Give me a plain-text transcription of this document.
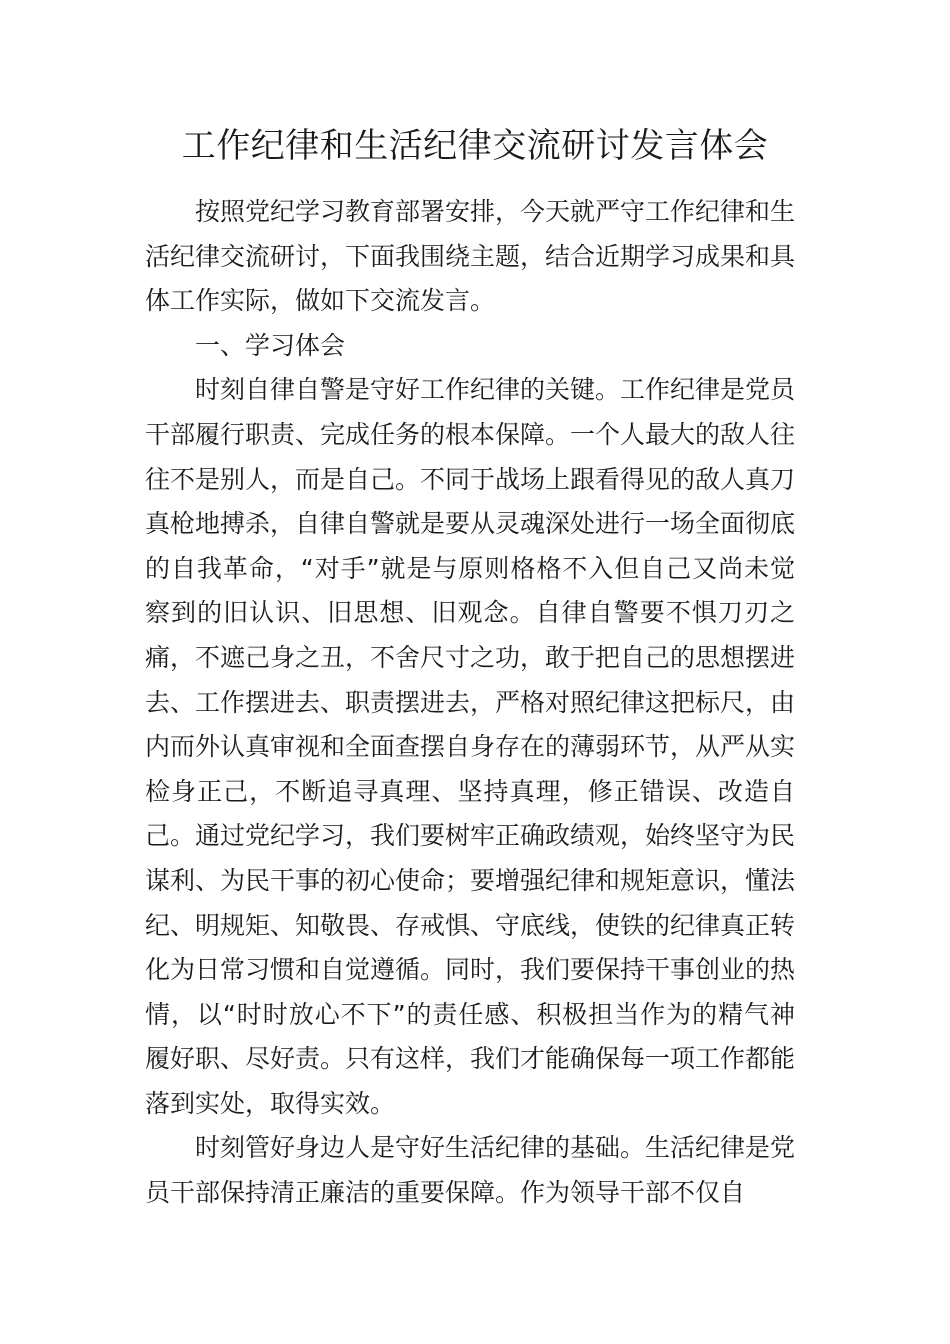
工作纪律和生活纪律交流研讨发言体会

按照党纪学习教育部署安排，今天就严守工作纪律和生活纪律交流研讨，下面我围绕主题，结合近期学习成果和具体工作实际，做如下交流发言。

一、学习体会

时刻自律自警是守好工作纪律的关键。工作纪律是党员干部履行职责、完成任务的根本保障。一个人最大的敌人往往不是别人，而是自己。不同于战场上跟看得见的敌人真刀真枪地搏杀，自律自警就是要从灵魂深处进行一场全面彻底的自我革命，“对手”就是与原则格格不入但自己又尚未觉察到的旧认识、旧思想、旧观念。自律自警要不惧刀刃之痛，不遮己身之丑，不舍尺寸之功，敢于把自己的思想摆进去、工作摆进去、职责摆进去，严格对照纪律这把标尺，由内而外认真审视和全面查摆自身存在的薄弱环节，从严从实检身正己，不断追寻真理、坚持真理，修正错误、改造自己。通过党纪学习，我们要树牢正确政绩观，始终坚守为民谋利、为民干事的初心使命；要增强纪律和规矩意识，懂法纪、明规矩、知敬畏、存戒惧、守底线，使铁的纪律真正转化为日常习惯和自觉遵循。同时，我们要保持干事创业的热情，以“时时放心不下”的责任感、积极担当作为的精气神履好职、尽好责。只有这样，我们才能确保每一项工作都能落到实处，取得实效。

时刻管好身边人是守好生活纪律的基础。生活纪律是党员干部保持清正廉洁的重要保障。作为领导干部不仅自
